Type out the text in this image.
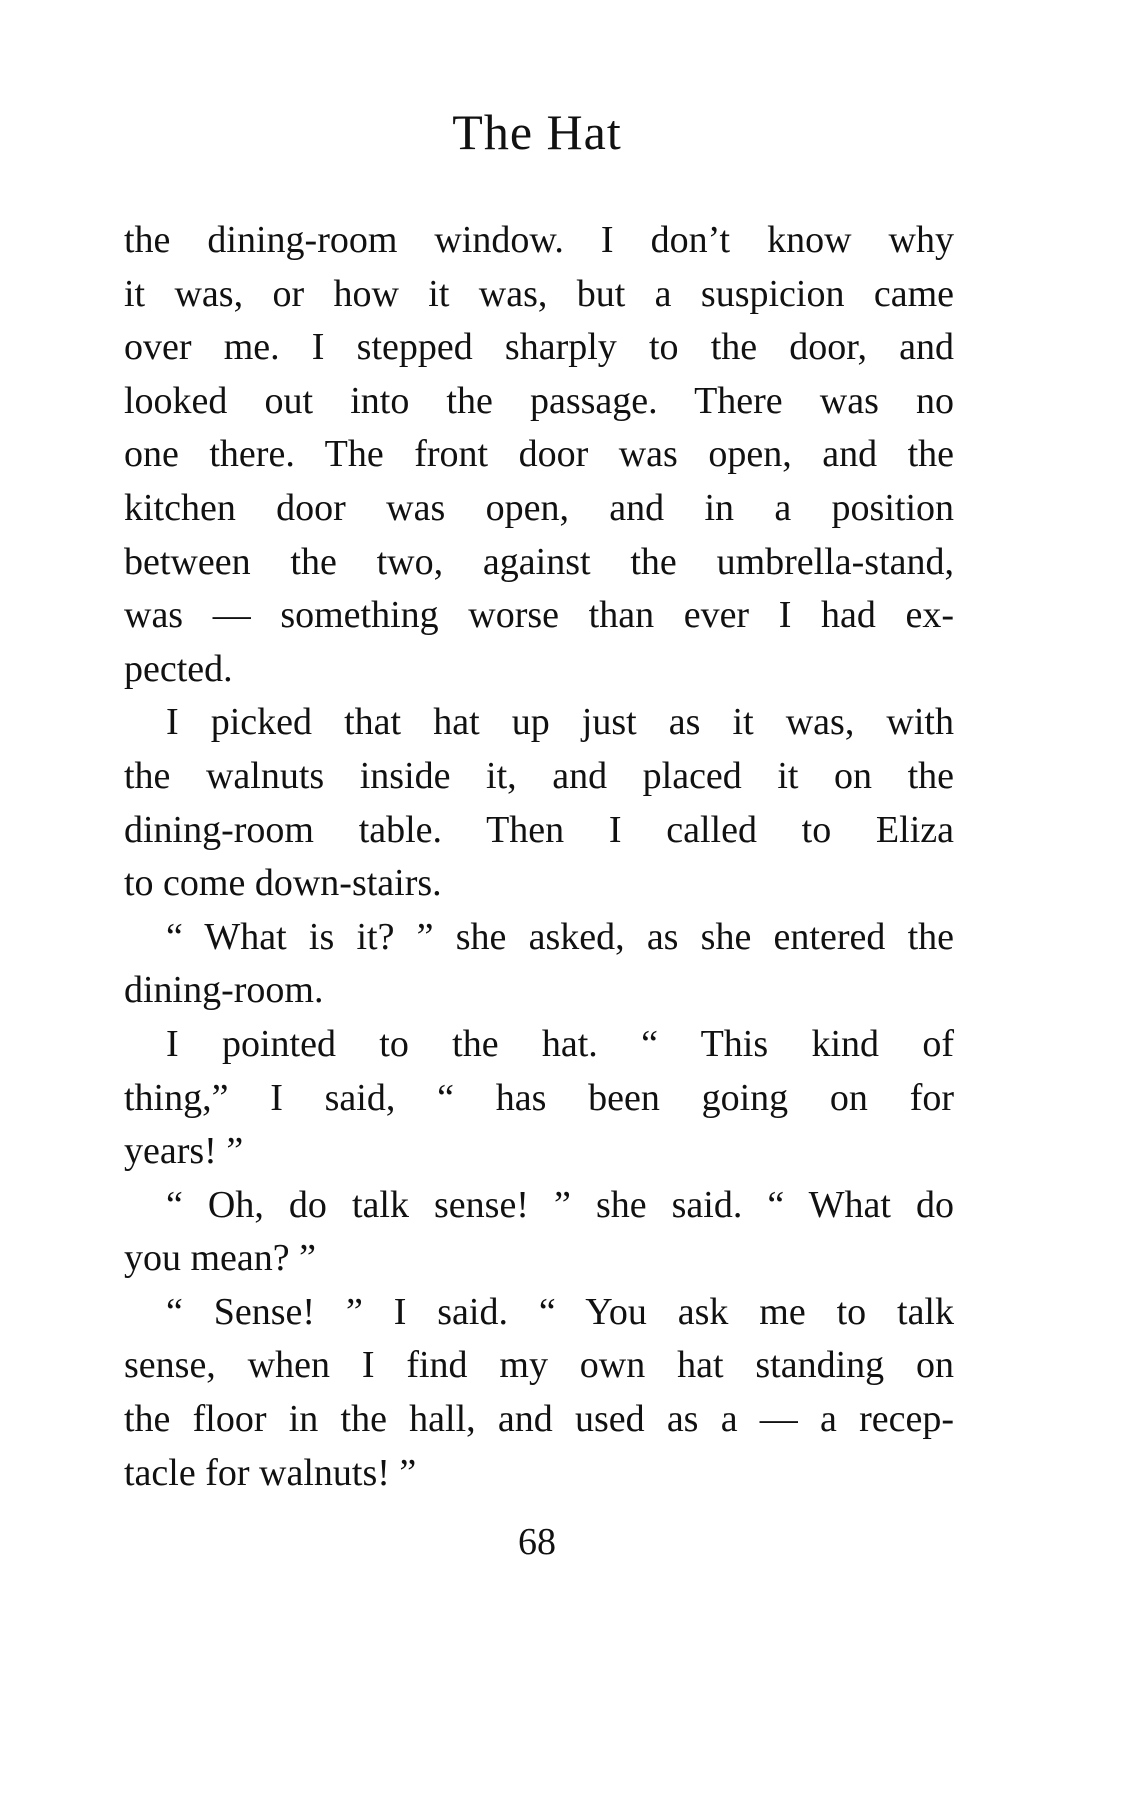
The Hat
the dining-room window. I don’t know why
it was, or how it was, but a suspicion came
over me. I stepped sharply to the door, and
looked out into the passage. There was no
one there. The front door was open, and the
kitchen door was open, and in a position
between the two, against the umbrella-stand,
was — something worse than ever I had ex-
pected.
I picked that hat up just as it was, with
the walnuts inside it, and placed it on the
dining-room table. Then I called to Eliza
to come down-stairs.
“ What is it? ” she asked, as she entered the
dining-room.
I pointed to the hat. “ This kind of
thing,” I said, “ has been going on for
years! ”
“ Oh, do talk sense! ” she said. “ What do
you mean? ”
“ Sense! ” I said. “ You ask me to talk
sense, when I find my own hat standing on
the floor in the hall, and used as a — a recep-
tacle for walnuts! ”
68
